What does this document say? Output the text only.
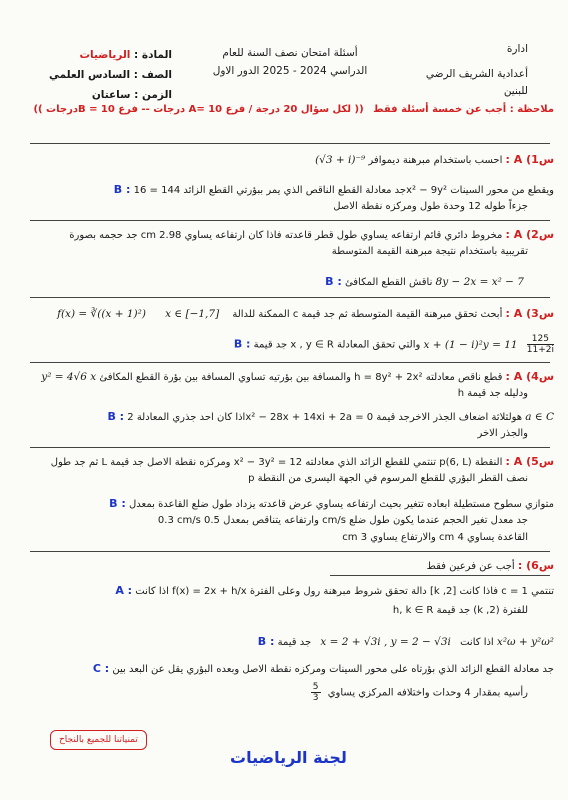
ادارة
أعدادية الشريف الرضي
للبنين
أسئلة امتحان نصف السنة للعام
الدراسي 2024 - 2025 الدور الاول
المادة : الرياضيات
الصف : السادس العلمي
الزمن : ساعتان
ملاحظة : أجب عن خمسة أسئلة فقط (( لكل سؤال 20 درجة / فرع A= 10 درجات -- فرع B = 10درجات ))
س1) A : احسب باستخدام مبرهنة ديموافر (√3 + i)⁻⁹
B : جد معادلة القطع الناقص الذي يمر ببؤرتي القطع الزائد 144 = 16x² − 9y² ويقطع من محور السينات
جزءاً طوله 12 وحدة طول ومركزه نقطة الاصل
س2) A : مخروط دائري قائم ارتفاعه يساوي طول قطر قاعدته فاذا كان ارتفاعه يساوي 2.98 cm جد حجمه بصورة
تقريبية باستخدام نتيجة مبرهنة القيمة المتوسطة
B : ناقش القطع المكافئ 8y − 2x = x² − 7
س3) A : أبحث تحقق مبرهنة القيمة المتوسطة ثم جد قيمة c الممكنة للدالة x ∈ [−1,7] f(x) = ∛((x + 1)²)
B : جد قيمة x , y ∈ R والتي تحقق المعادلة $x + (1 - i)^2y = 11 \frac{125}{11+2i}$
س4) A : قطع ناقص معادلته h = 8y² + 2x² والمسافة بين بؤرتيه تساوي المسافة بين بؤرة القطع المكافئ y² = 4√6 x
ودليله جد قيمة h
B : اذا كان احد جذري المعادلة 2x² − 28x + 14xi + 2a = 0 هولثلاثة اضعاف الجذر الاخرجد قيمة a ∈ C
والجذر الاخر
س5) A : النقطة p(6, L) تنتمي للقطع الزائد الذي معادلته 12 = x² − 3y² ومركزه نقطة الاصل جد قيمة L ثم جد طول
نصف القطر البؤري للقطع المرسوم في الجهة اليسرى من النقطة p
B : متوازي سطوح مستطيلة ابعاده تتغير بحيث ارتفاعه يساوي عرض قاعدته يزداد طول ضلع القاعدة بمعدل
0.3 cm/s وارتفاعه يتناقص بمعدل 0.5 cm/s جد معدل تغير الحجم عندما يكون طول ضلع
القاعدة يساوي 4 cm والارتفاع يساوي 3 cm
س6) : أجب عن فرعين فقط
A : اذا كانت f(x) = 2x + h/x دالة تحقق شروط مبرهنة رول وعلى الفترة [k ,2] فاذا كانت c = 1 تنتمي
للفترة (k ,2) جد قيمة h, k ∈ R
B :	اذا كانت x = 2 + √3i , y = 2 − √3i جد قيمة	x²ω + y²ω²
C : جد معادلة القطع الزائد الذي بؤرتاه على محور السينات ومركزه نقطة الاصل وبعده البؤري يقل عن البعد بين
رأسيه بمقدار 4 وحدات واختلافه المركزي يساوي
$\frac{5}{3}$
تمنياتنا للجميع بالنجاح
لجنة الرياضيات
